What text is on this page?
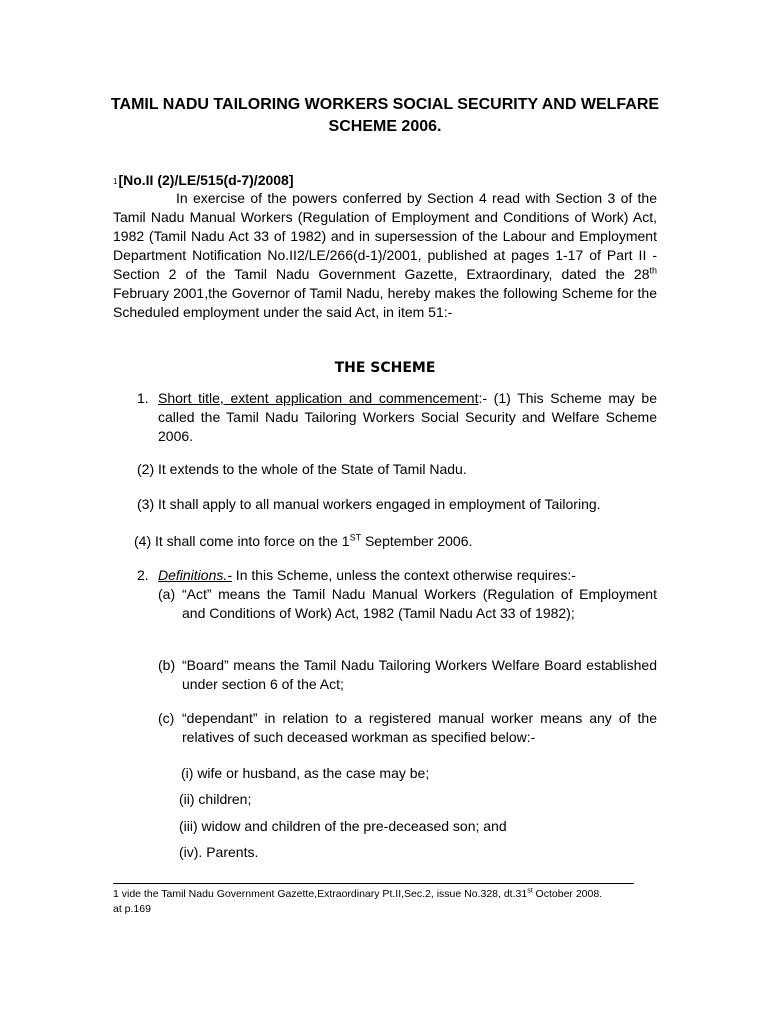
TAMIL NADU TAILORING WORKERS SOCIAL SECURITY AND WELFARE SCHEME 2006.
$^1$[No.II (2)/LE/515(d-7)/2008]
In exercise of the powers conferred by Section 4 read with Section 3 of the Tamil Nadu Manual Workers (Regulation of Employment and Conditions of Work) Act, 1982 (Tamil Nadu Act 33 of 1982) and in supersession of the Labour and Employment Department Notification No.II2/LE/266(d-1)/2001, published at pages 1-17 of Part II - Section 2 of the Tamil Nadu Government Gazette, Extraordinary, dated the 28th February 2001,the Governor of Tamil Nadu, hereby makes the following Scheme for the Scheduled employment under the said Act, in item 51:-
THE SCHEME
1. Short title, extent application and commencement:- (1) This Scheme may be called the Tamil Nadu Tailoring Workers Social Security and Welfare Scheme 2006.
(2) It extends to the whole of the State of Tamil Nadu.
(3) It shall apply to all manual workers engaged in employment of Tailoring.
(4) It shall come into force on the 1ST September 2006.
2. Definitions.- In this Scheme, unless the context otherwise requires:-
(a) “Act” means the Tamil Nadu Manual Workers (Regulation of Employment and Conditions of Work) Act, 1982 (Tamil Nadu Act 33 of 1982);
(b) “Board” means the Tamil Nadu Tailoring Workers Welfare Board established under section 6 of the Act;
(c) “dependant” in relation to a registered manual worker means any of the relatives of such deceased workman as specified below:-
(i) wife or husband, as the case may be;
(ii) children;
(iii) widow and children of the pre-deceased son; and
(iv). Parents.
1 vide the Tamil Nadu Government Gazette,Extraordinary Pt.II,Sec.2, issue No.328, dt.31st October 2008.
at p.169
